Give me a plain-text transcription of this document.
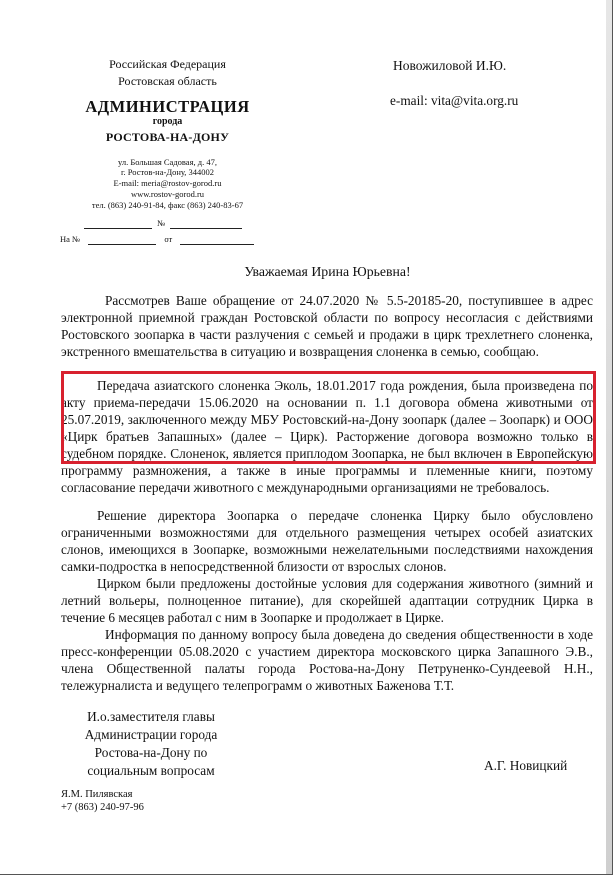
Российская Федерация
Ростовская область
АДМИНИСТРАЦИЯ
города
РОСТОВА-НА-ДОНУ
ул. Большая Садовая, д. 47,
г. Ростов-на-Дону, 344002
E-mail: meria@rostov-gorod.ru
www.rostov-gorod.ru
тел. (863) 240-91-84, факс (863) 240-83-67
№
На №	от
Новожиловой И.Ю.
e-mail: vita@vita.org.ru
Уважаемая Ирина Юрьевна!
Рассмотрев Ваше обращение от 24.07.2020 № 5.5-20185-20, поступившее в адрес электронной приемной граждан Ростовской области по вопросу несогласия с действиями Ростовского зоопарка в части разлучения с семьей и продажи в цирк трехлетнего слоненка, экстренного вмешательства в ситуацию и возвращения слоненка в семью, сообщаю.
Передача азиатского слоненка Эколь, 18.01.2017 года рождения, была произведена по акту приема-передачи 15.06.2020 на основании п. 1.1 договора обмена животными от 25.07.2019, заключенного между МБУ Ростовский-на-Дону зоопарк (далее – Зоопарк) и ООО «Цирк братьев Запашных» (далее – Цирк). Расторжение договора возможно только в судебном порядке. Слоненок, является приплодом Зоопарка, не был включен в Европейскую программу размножения, а также в иные программы и племенные книги, поэтому согласование передачи животного с международными организациями не требовалось.
Решение директора Зоопарка о передаче слоненка Цирку было обусловлено ограниченными возможностями для отдельного размещения четырех особей азиатских слонов, имеющихся в Зоопарке, возможными нежелательными последствиями нахождения самки-подростка в непосредственной близости от взрослых слонов.
Цирком были предложены достойные условия для содержания животного (зимний и летний вольеры, полноценное питание), для скорейшей адаптации сотрудник Цирка в течение 6 месяцев работал с ним в Зоопарке и продолжает в Цирке.
Информация по данному вопросу была доведена до сведения общественности в ходе пресс-конференции 05.08.2020 с участием директора московского цирка Запашного Э.В., члена Общественной палаты города Ростова-на-Дону Петруненко-Сундеевой Н.Н., тележурналиста и ведущего телепрограмм о животных Баженова Т.Т.
И.о.заместителя главы
Администрации города
Ростова-на-Дону по
социальным вопросам	А.Г. Новицкий
Я.М. Пилявская
+7 (863) 240-97-96
